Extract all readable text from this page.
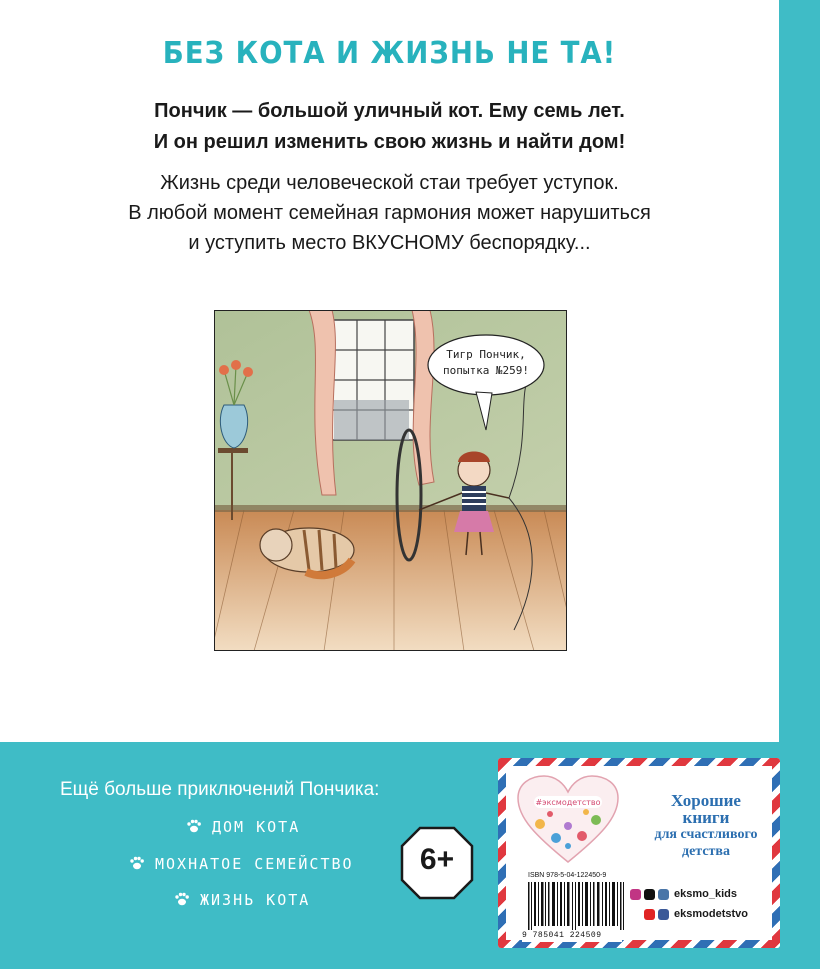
БЕЗ КОТА И ЖИЗНЬ НЕ ТА!
Пончик — большой уличный кот. Ему семь лет.
И он решил изменить свою жизнь и найти дом!
Жизнь среди человеческой стаи требует уступок.
В любой момент семейная гармония может нарушиться
и уступить место ВКУСНОМУ беспорядку...
Тигр Пончик,
попытка №259!
Ещё больше приключений Пончика:
ДОМ КОТА
МОХНАТОЕ СЕМЕЙСТВО
ЖИЗНЬ КОТА
6+
#эксмодетство	Хорошие
книги
для счастливого
детства
ISBN 978-5-04-122450-9
9 785041 224509
eksmo_kids
eksmodetstvo
